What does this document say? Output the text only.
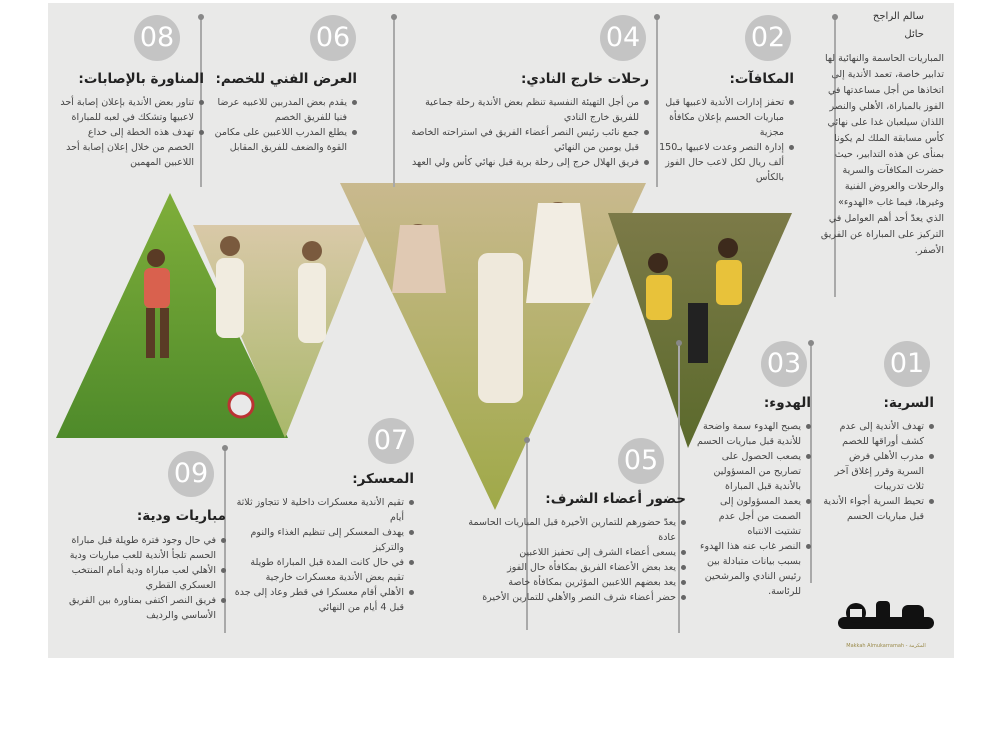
سالم الراجح
حائل
المباريات الحاسمة والنهائية لها تدابير خاصة، تعمد الأندية إلى اتخاذها من أجل مساعدتها في الفوز بالمباراة، الأهلي والنصر اللذان سيلعبان غدا على نهائي كأس مسابقة الملك لم يكونا بمنأى عن هذه التدابير، حيث حضرت المكافآت والسرية والرحلات والعروض الفنية وغيرها، فيما غاب «الهدوء» الذي يعدّ أحد أهم العوامل في التركيز على المباراة عن الفريق الأصفر.
02
المكافآت:
تحفز إدارات الأندية لاعبيها قبل مباريات الحسم بإعلان مكافأة مجزية
إدارة النصر وعدت لاعبيها بـ150 ألف ريال لكل لاعب حال الفوز بالكأس
04
رحلات خارج النادي:
من أجل التهيئة النفسية تنظم بعض الأندية رحلة جماعية للفريق خارج النادي
جمع نائب رئيس النصر أعضاء الفريق في استراحته الخاصة قبل يومين من النهائي
فريق الهلال خرج إلى رحلة برية قبل نهائي كأس ولي العهد
06
العرض الفني للخصم:
يقدم بعض المدربين للاعبيه عرضا فنيا للفريق الخصم
يطلع المدرب اللاعبين على مكامن القوة والضعف للفريق المقابل
08
المناورة بالإصابات:
تناور بعض الأندية بإعلان إصابة أحد لاعبيها وتشكك في لعبه للمباراة
تهدف هذه الخطة إلى خداع الخصم من خلال إعلان إصابة أحد اللاعبين المهمين
01
السرية:
تهدف الأندية إلى عدم كشف أوراقها للخصم
مدرب الأهلي فرض السرية وقرر إغلاق آخر ثلاث تدريبات
تحيط السرية أجواء الأندية قبل مباريات الحسم
03
الهدوء:
يصبح الهدوء سمة واضحة للأندية قبل مباريات الحسم
يصعب الحصول على تصاريح من المسؤولين بالأندية قبل المباراة
يعمد المسؤولون إلى الصمت من أجل عدم تشتيت الانتباه
النصر غاب عنه هذا الهدوء بسبب بيانات متبادلة بين رئيس النادي والمرشحين للرئاسة.
05
حضور أعضاء الشرف:
يعدّ حضورهم للتمارين الأخيرة قبل المباريات الحاسمة عادة
يسعى أعضاء الشرف إلى تحفيز اللاعبين
يعد بعض الأعضاء الفريق بمكافأة حال الفوز
يعد بعضهم اللاعبين المؤثرين بمكافأة خاصة
حضر أعضاء شرف النصر والأهلي للتمارين الأخيرة
07
المعسكر:
تقيم الأندية معسكرات داخلية لا تتجاوز ثلاثة أيام
يهدف المعسكر إلى تنظيم الغذاء والنوم والتركيز
في حال كانت المدة قبل المباراة طويلة تقيم بعض الأندية معسكرات خارجية
الأهلي أقام معسكرا في قطر وعاد إلى جدة قبل 4 أيام من النهائي
09
مباريات ودية:
في حال وجود فترة طويلة قبل مباراة الحسم تلجأ الأندية للعب مباريات ودية
الأهلي لعب مباراة ودية أمام المنتخب العسكري القطري
فريق النصر اكتفى بمناورة بين الفريق الأساسي والرديف
Makkah Almukarramah - المكرمة
